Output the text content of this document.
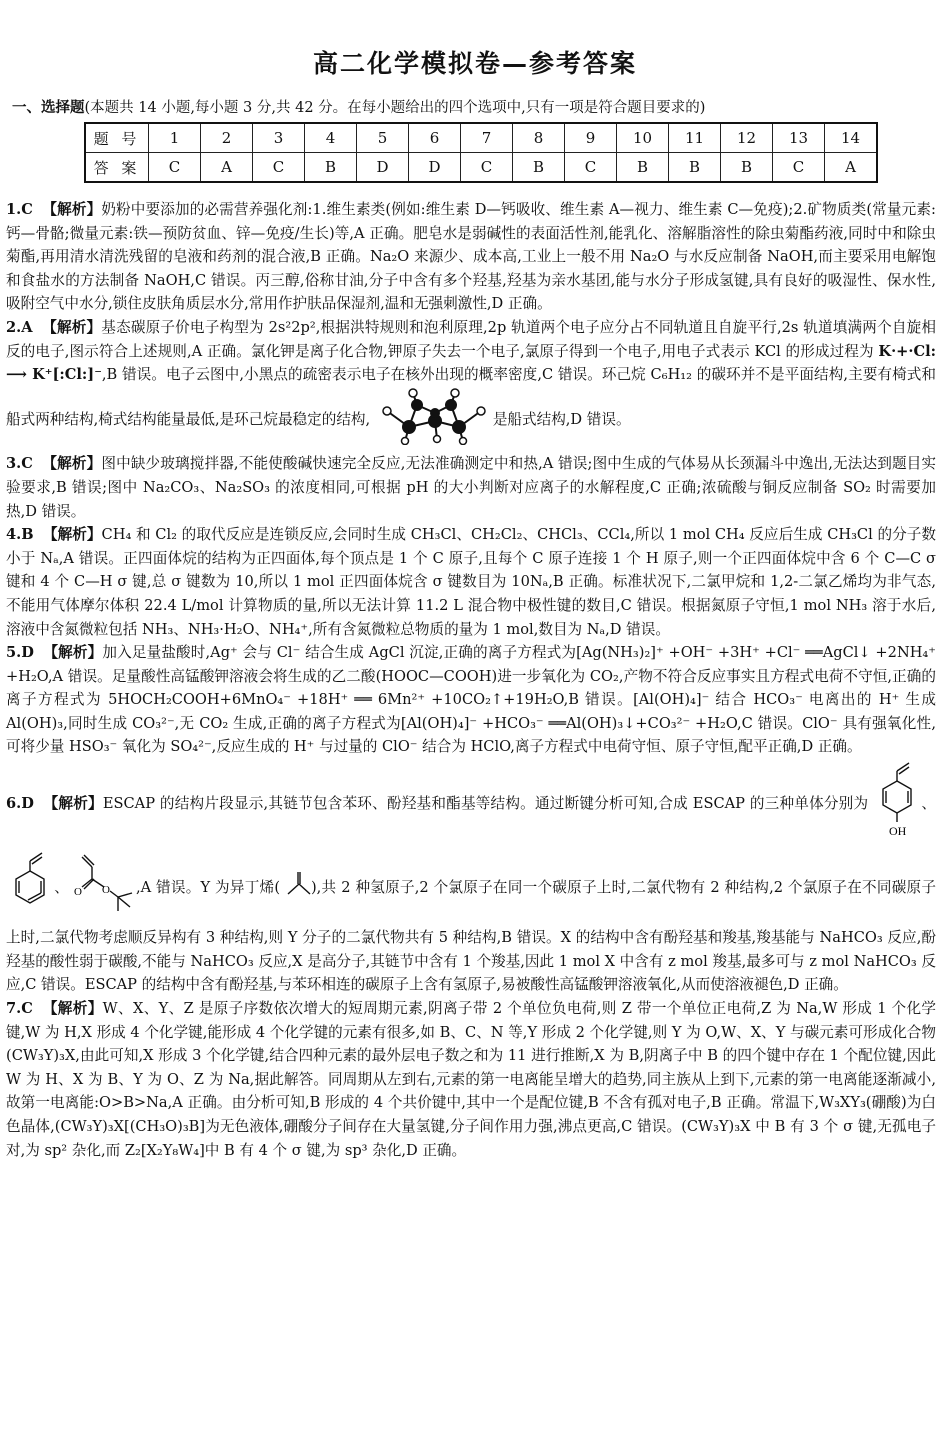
高二化学模拟卷—参考答案
一、选择题(本题共 14 小题,每小题 3 分,共 42 分。在每小题给出的四个选项中,只有一项是符合题目要求的)
题 号	1	2	3	4	5	6	7	8	9	10	11	12	13	14
答 案	C	A	C	B	D	D	C	B	C	B	B	B	C	A

1.C 【解析】奶粉中要添加的必需营养强化剂:1.维生素类(例如:维生素 D—钙吸收、维生素 A—视力、维生素 C—免疫);2.矿物质类(常量元素:钙—骨骼;微量元素:铁—预防贫血、锌—免疫/生长)等,A 正确。肥皂水是弱碱性的表面活性剂,能乳化、溶解脂溶性的除虫菊酯药液,同时中和除虫菊酯,再用清水清洗残留的皂液和药剂的混合液,B 正确。Na₂O 来源少、成本高,工业上一般不用 Na₂O 与水反应制备 NaOH,而主要采用电解饱和食盐水的方法制备 NaOH,C 错误。丙三醇,俗称甘油,分子中含有多个羟基,羟基为亲水基团,能与水分子形成氢键,具有良好的吸湿性、保水性,吸附空气中水分,锁住皮肤角质层水分,常用作护肤品保湿剂,温和无强刺激性,D 正确。

2.A 【解析】基态碳原子价电子构型为 2s²2p²,根据洪特规则和泡利原理,2p 轨道两个电子应分占不同轨道且自旋平行,2s 轨道填满两个自旋相反的电子,图示符合上述规则,A 正确。氯化钾是离子化合物,钾原子失去一个电子,氯原子得到一个电子,用电子式表示 KCl 的形成过程为 K·+·Cl: ⟶ K⁺[:Cl:]⁻,B 错误。电子云图中,小黑点的疏密表示电子在核外出现的概率密度,C 错误。环己烷 C₆H₁₂ 的碳环并不是平面结构,主要有椅式和船式两种结构,椅式结构能量最低,是环己烷最稳定的结构,	是船式结构,D 错误。

3.C 【解析】图中缺少玻璃搅拌器,不能使酸碱快速完全反应,无法准确测定中和热,A 错误;图中生成的气体易从长颈漏斗中逸出,无法达到题目实验要求,B 错误;图中 Na₂CO₃、Na₂SO₃ 的浓度相同,可根据 pH 的大小判断对应离子的水解程度,C 正确;浓硫酸与铜反应制备 SO₂ 时需要加热,D 错误。

4.B 【解析】CH₄ 和 Cl₂ 的取代反应是连锁反应,会同时生成 CH₃Cl、CH₂Cl₂、CHCl₃、CCl₄,所以 1 mol CH₄ 反应后生成 CH₃Cl 的分子数小于 Nₐ,A 错误。正四面体烷的结构为正四面体,每个顶点是 1 个 C 原子,且每个 C 原子连接 1 个 H 原子,则一个正四面体烷中含 6 个 C—C σ 键和 4 个 C—H σ 键,总 σ 键数为 10,所以 1 mol 正四面体烷含 σ 键数目为 10Nₐ,B 正确。标准状况下,二氯甲烷和 1,2-二氯乙烯均为非气态,不能用气体摩尔体积 22.4 L/mol 计算物质的量,所以无法计算 11.2 L 混合物中极性键的数目,C 错误。根据氮原子守恒,1 mol NH₃ 溶于水后,溶液中含氮微粒包括 NH₃、NH₃·H₂O、NH₄⁺,所有含氮微粒总物质的量为 1 mol,数目为 Nₐ,D 错误。

5.D 【解析】加入足量盐酸时,Ag⁺ 会与 Cl⁻ 结合生成 AgCl 沉淀,正确的离子方程式为[Ag(NH₃)₂]⁺ +OH⁻ +3H⁺ +Cl⁻ ══AgCl↓ +2NH₄⁺ +H₂O,A 错误。足量酸性高锰酸钾溶液会将生成的乙二酸(HOOC—COOH)进一步氧化为 CO₂,产物不符合反应事实且方程式电荷不守恒,正确的离子方程式为 5HOCH₂COOH+6MnO₄⁻ +18H⁺ ══ 6Mn²⁺ +10CO₂↑+19H₂O,B 错误。[Al(OH)₄]⁻ 结合 HCO₃⁻ 电离出的 H⁺ 生成 Al(OH)₃,同时生成 CO₃²⁻,无 CO₂ 生成,正确的离子方程式为[Al(OH)₄]⁻ +HCO₃⁻ ══Al(OH)₃↓+CO₃²⁻ +H₂O,C 错误。ClO⁻ 具有强氧化性,可将少量 HSO₃⁻ 氧化为 SO₄²⁻,反应生成的 H⁺ 与过量的 ClO⁻ 结合为 HClO,离子方程式中电荷守恒、原子守恒,配平正确,D 正确。

6.D 【解析】ESCAP 的结构片段显示,其链节包含苯环、酚羟基和酯基等结构。通过断键分析可知,合成 ESCAP 的三种单体分别为
OH
、 、 O O ,A 错误。Y 为异丁烯( ),共 2 种氢原子,2 个氯原子在同一个碳原子上时,二氯代物有 2 种结构,2 个氯原子在不同碳原子上时,二氯代物考虑顺反异构有 3 种结构,则 Y 分子的二氯代物共有 5 种结构,B 错误。X 的结构中含有酚羟基和羧基,羧基能与 NaHCO₃ 反应,酚羟基的酸性弱于碳酸,不能与 NaHCO₃ 反应,X 是高分子,其链节中含有 1 个羧基,因此 1 mol X 中含有 z mol 羧基,最多可与 z mol NaHCO₃ 反应,C 错误。ESCAP 的结构中含有酚羟基,与苯环相连的碳原子上含有氢原子,易被酸性高锰酸钾溶液氧化,从而使溶液褪色,D 正确。

7.C 【解析】W、X、Y、Z 是原子序数依次增大的短周期元素,阴离子带 2 个单位负电荷,则 Z 带一个单位正电荷,Z 为 Na,W 形成 1 个化学键,W 为 H,X 形成 4 个化学键,能形成 4 个化学键的元素有很多,如 B、C、N 等,Y 形成 2 个化学键,则 Y 为 O,W、X、Y 与碳元素可形成化合物(CW₃Y)₃X,由此可知,X 形成 3 个化学键,结合四种元素的最外层电子数之和为 11 进行推断,X 为 B,阴离子中 B 的四个键中存在 1 个配位键,因此 W 为 H、X 为 B、Y 为 O、Z 为 Na,据此解答。同周期从左到右,元素的第一电离能呈增大的趋势,同主族从上到下,元素的第一电离能逐渐减小,故第一电离能:O>B>Na,A 正确。由分析可知,B 形成的 4 个共价键中,其中一个是配位键,B 不含有孤对电子,B 正确。常温下,W₃XY₃(硼酸)为白色晶体,(CW₃Y)₃X[(CH₃O)₃B]为无色液体,硼酸分子间存在大量氢键,分子间作用力强,沸点更高,C 错误。(CW₃Y)₃X 中 B 有 3 个 σ 键,无孤电子对,为 sp² 杂化,而 Z₂[X₂Y₈W₄]中 B 有 4 个 σ 键,为 sp³ 杂化,D 正确。
